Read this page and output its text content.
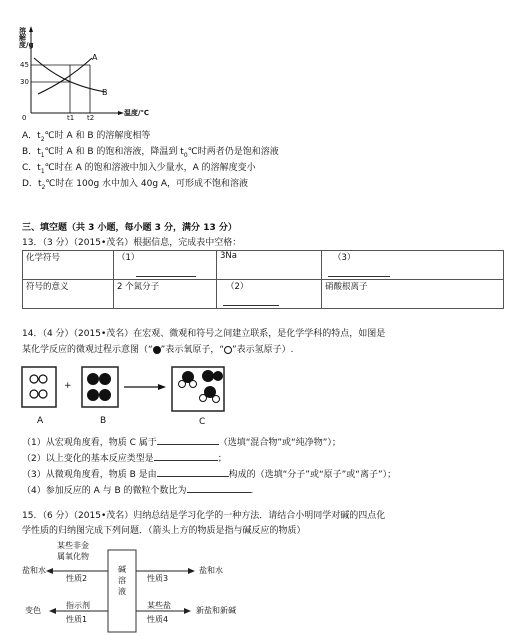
溶解度/g
45
30
0	t1 t2
温度/℃
A
B
A．$t_2℃$时 A 和 B 的溶解度相等
B．$t_1℃$时 A 和 B 的饱和溶液，降温到 $t_0℃$时两者仍是饱和溶液
C．$t_1℃$时在 A 的饱和溶液中加入少量水，A 的溶解度变小
D．$t_2℃$时在 100g 水中加入 40g A，可形成不饱和溶液
三、填空题（共 3 小题，每小题 3 分，满分 13 分）
13．（3 分）（2015•茂名）根据信息，完成表中空格：
化学符号	（1）	3Na	（3）

符号的意义	2 个氮分子	（2）	硝酸根离子
14．（4 分）（2015•茂名）在宏观、微观和符号之间建立联系，是化学学科的特点，如图是
某化学反应的微观过程示意图（“ ”表示氧原子，“ ”表示氢原子）.
+
A	B	C
（1）从宏观角度看，物质 C 属于	（选填“混合物”或“纯净物”）；
（2）以上变化的基本反应类型是	；
（3）从微观角度看，物质 B 是由	构成的（选填“分子”或“原子”或“离子”）；
（4）参加反应的 A 与 B 的微粒个数比为	.
15．（6 分）（2015•茂名）归纳总结是学习化学的一种方法．请结合小明同学对碱的四点化
学性质的归纳图完成下列问题．（箭头上方的物质是指与碱反应的物质）
碱溶液
某些非金
属氧化物
盐和水
性质2	性质3
盐和水
指示剂
变色
性质1
某些盐
性质4
新盐和新碱
